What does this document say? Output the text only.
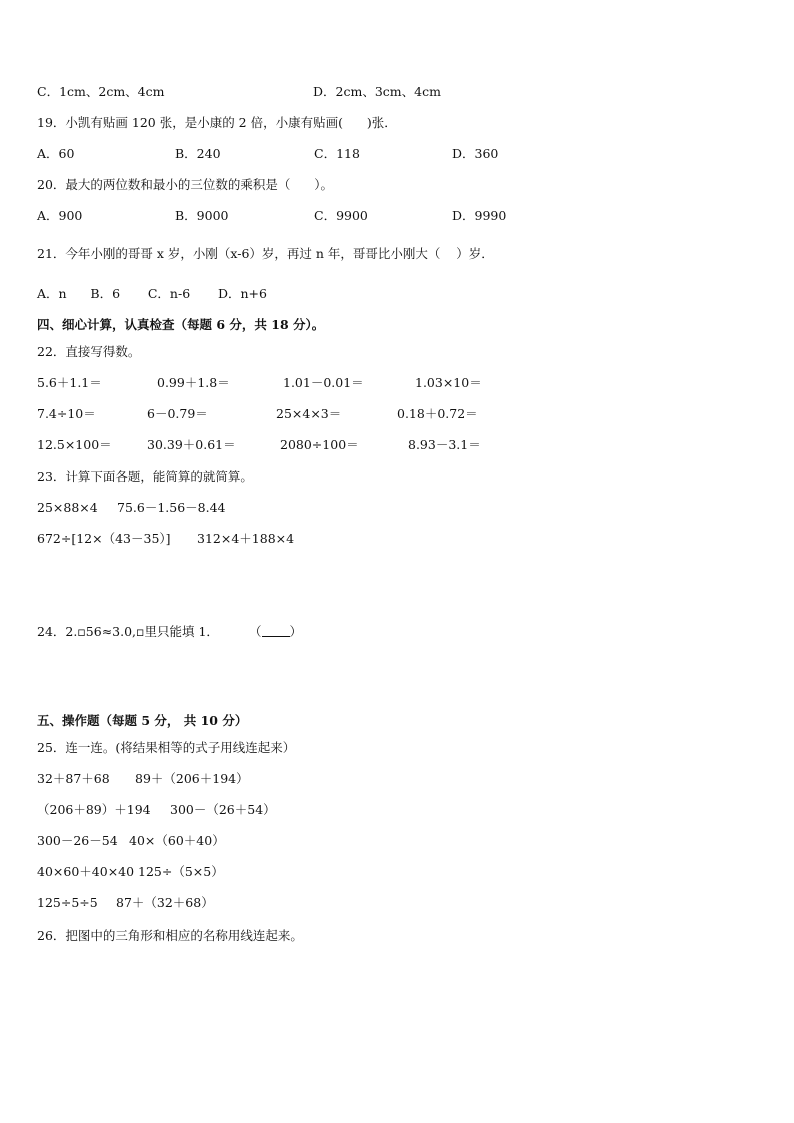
C．1cm、2cm、4cm	D．2cm、3cm、4cm
19．小凯有贴画 120 张，是小康的 2 倍，小康有贴画(      )张．
A．60	B．240	C．118	D．360
20．最大的两位数和最小的三位数的乘积是（      ）。
A．900	B．9000	C．9900	D．9990
21．今年小刚的哥哥 x 岁，小刚（x-6）岁，再过 n 年，哥哥比小刚大（    ）岁．
A．n      B．6       C．n-6       D．n+6
四、细心计算，认真检查（每题 6 分，共 18 分）。
22．直接写得数。
5.6＋1.1＝	0.99＋1.8＝	1.01－0.01＝	1.03×10＝
7.4÷10＝	6－0.79＝	25×4×3＝	0.18＋0.72＝
12.5×100＝	30.39＋0.61＝	2080÷100＝	8.93－3.1＝
23．计算下面各题，能简算的就简算。
25×88×4 75.6－1.56－8.44
672÷[12×（43－35）] 312×4＋188×4
24．2.▫56≈3.0,▫里只能填 1． （ ）
五、操作题（每题 5 分， 共 10 分）
25．连一连。(将结果相等的式子用线连起来）
32＋87＋68 89＋（206＋194）
（206＋89）＋194 300－（26＋54）
300－26－54 40×（60＋40）
40×60＋40×40 125÷（5×5）
125÷5÷5 87＋（32＋68）
26．把图中的三角形和相应的名称用线连起来。
